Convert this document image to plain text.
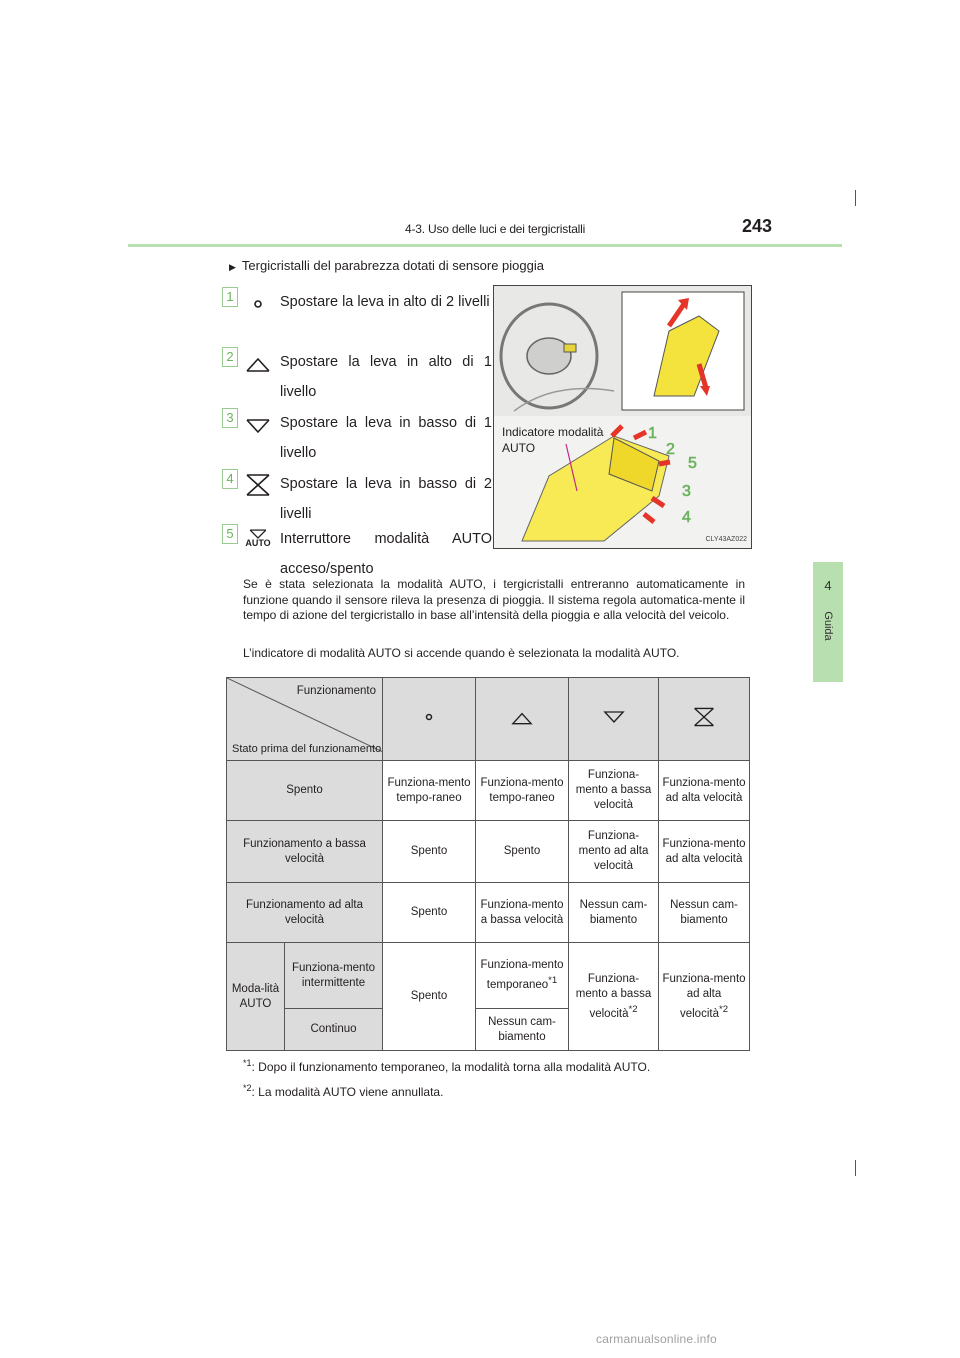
4-3. Uso delle luci e dei tergicristalli	243
4
Guida
▶ Tergicristalli del parabrezza dotati di sensore pioggia
1	Spostare la leva in alto di 2 livelli
2	Spostare la leva in alto di 1 livello
3	Spostare la leva in basso di 1 livello
4	Spostare la leva in basso di 2 livelli
5
AUTO Interruttore modalità AUTO acceso/spento
1
2
5
3
4
Indicatore modalità
AUTO
CLY43AZ022
Se è stata selezionata la modalità AUTO, i tergicristalli entreranno automaticamente in funzione quando il sensore rileva la presenza di pioggia. Il sistema regola automatica-mente il tempo di azione del tergicristallo in base all’intensità della pioggia e alla velocità del veicolo.
L’indicatore di modalità AUTO si accende quando è selezionata la modalità AUTO.
Funzionamento
Stato prima del funzionamento

Spento		Funziona-mento tempo-raneo	Funziona-mento tempo-raneo	Funziona-mento a bassa velocità	Funziona-mento ad alta velocità
Funzionamento a bassa velocità		Spento	Spento	Funziona-mento ad alta velocità	Funziona-mento ad alta velocità
Funzionamento ad alta velocità		Spento	Funziona-mento a bassa velocità	Nessun cam-biamento	Nessun cam-biamento
Moda-lità AUTO	Funziona-mento intermittente	Spento	Funziona-mento temporaneo$^{*1}$	Funziona-mento a bassa velocità$^{*2}$	Funziona-mento ad alta velocità$^{*2}$
	Continuo		Nessun cam-biamento		
$^{*1}$: Dopo il funzionamento temporaneo, la modalità torna alla modalità AUTO.
$^{*2}$: La modalità AUTO viene annullata.
carmanualsonline.info
